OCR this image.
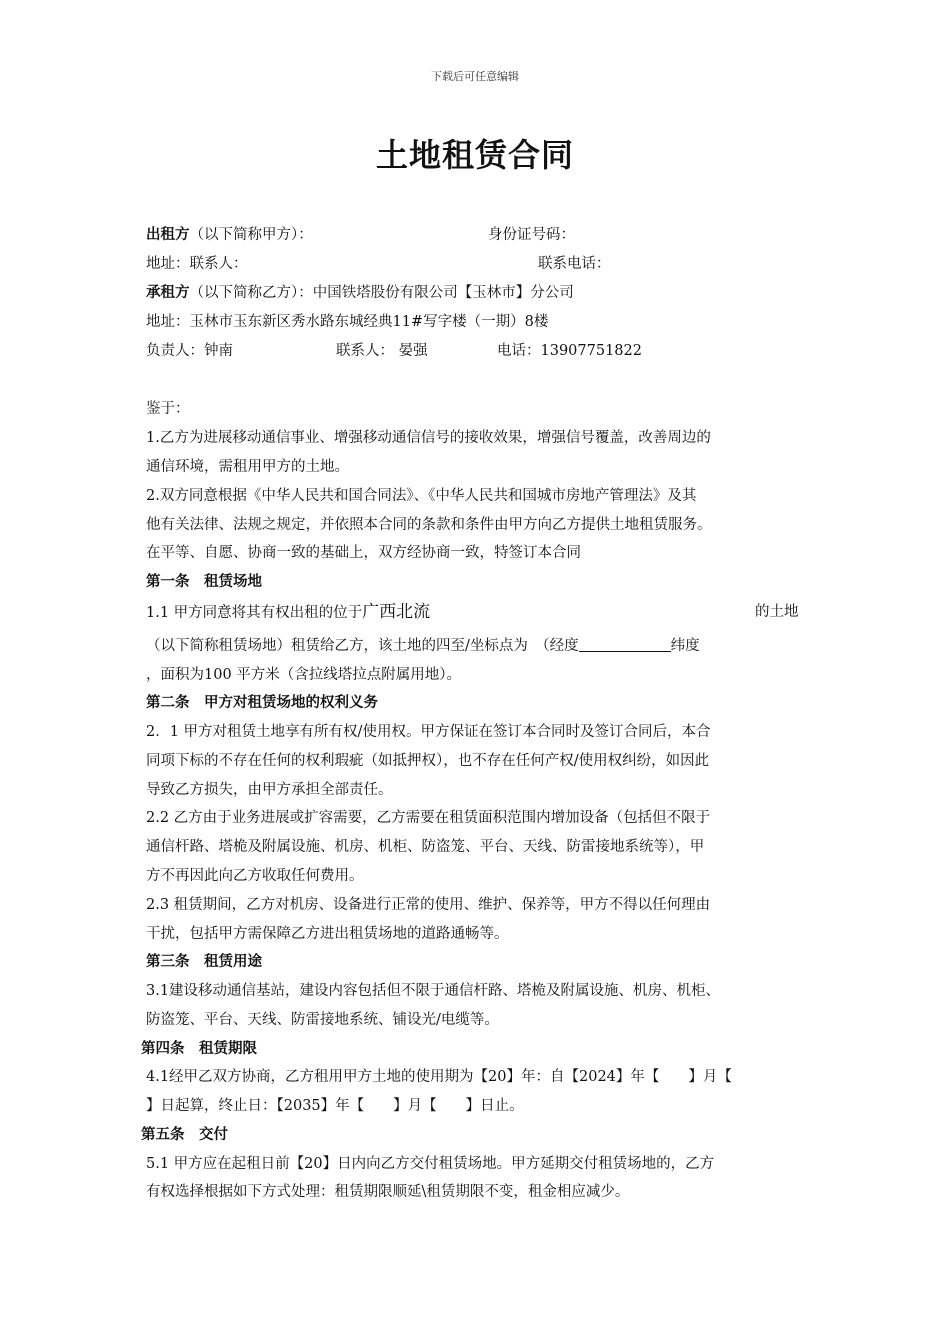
下载后可任意编辑
土地租赁合同
出租方（以下简称甲方）：	身份证号码：
地址：联系人：	联系电话：
承租方（以下简称乙方）：中国铁塔股份有限公司【玉林市】分公司
地址：玉林市玉东新区秀水路东城经典11#写字楼（一期）8楼
负责人：钟南	联系人： 晏强	电话：13907751822
鉴于：
1.乙方为进展移动通信事业、增强移动通信信号的接收效果，增强信号覆盖，改善周边的
通信环境，需租用甲方的土地。
2.双方同意根据《中华人民共和国合同法》、《中华人民共和国城市房地产管理法》及其
他有关法律、法规之规定，并依照本合同的条款和条件由甲方向乙方提供土地租赁服务。
在平等、自愿、协商一致的基础上，双方经协商一致，特签订本合同
第一条　租赁场地
1.1 甲方同意将其有权出租的位于广西北流	的土地
（以下简称租赁场地）租赁给乙方，该土地的四至/坐标点为　（经度	纬度
，面积为100 平方米（含拉线塔拉点附属用地）。
第二条　甲方对租赁场地的权利义务
2．1 甲方对租赁土地享有所有权/使用权。甲方保证在签订本合同时及签订合同后，本合
同项下标的不存在任何的权利瑕疵（如抵押权），也不存在任何产权/使用权纠纷，如因此
导致乙方损失，由甲方承担全部责任。
2.2 乙方由于业务进展或扩容需要，乙方需要在租赁面积范围内增加设备（包括但不限于
通信杆路、塔桅及附属设施、机房、机柜、防盗笼、平台、天线、防雷接地系统等），甲
方不再因此向乙方收取任何费用。
2.3 租赁期间，乙方对机房、设备进行正常的使用、维护、保养等，甲方不得以任何理由
干扰，包括甲方需保障乙方进出租赁场地的道路通畅等。
第三条　租赁用途
3.1建设移动通信基站，建设内容包括但不限于通信杆路、塔桅及附属设施、机房、机柜、
防盗笼、平台、天线、防雷接地系统、铺设光/电缆等。
第四条　租赁期限
4.1经甲乙双方协商，乙方租用甲方土地的使用期为【20】年：自【2024】年【　　】月【
】日起算，终止日：【2035】年【　　】月【　　】日止。
第五条　交付
5.1 甲方应在起租日前【20】日内向乙方交付租赁场地。甲方延期交付租赁场地的，乙方
有权选择根据如下方式处理：租赁期限顺延\租赁期限不变，租金相应减少。
